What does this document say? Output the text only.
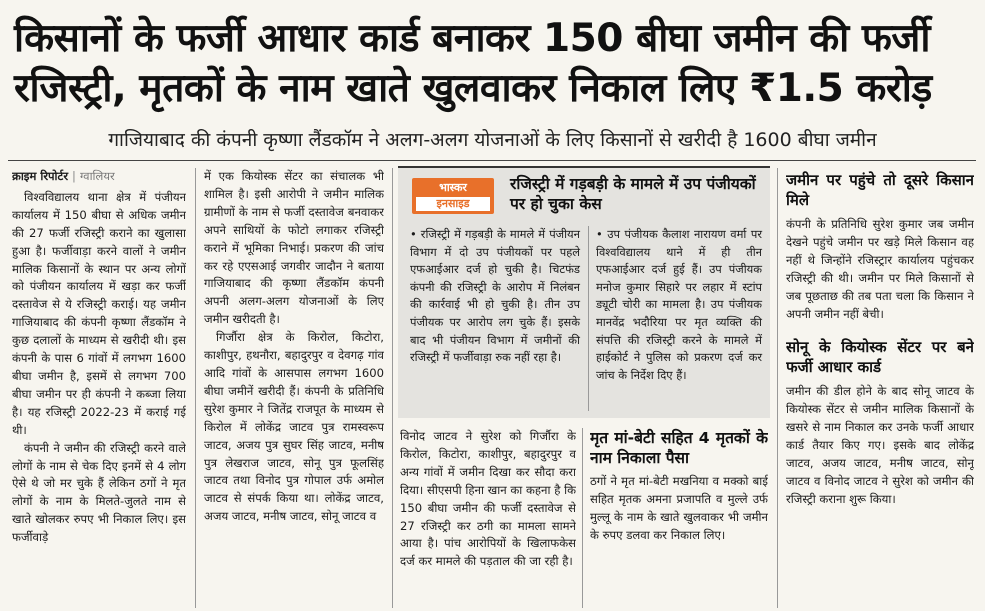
किसानों के फर्जी आधार कार्ड बनाकर 150 बीघा जमीन की फर्जी
रजिस्ट्री, मृतकों के नाम खाते खुलवाकर निकाल लिए ₹1.5 करोड़
गाजियाबाद की कंपनी कृष्णा लैंडकॉम ने अलग-अलग योजनाओं के लिए किसानों से खरीदी है 1600 बीघा जमीन
क्राइम रिपोर्टर | ग्वालियर

विश्वविद्यालय थाना क्षेत्र में पंजीयन कार्यालय में 150 बीघा से अधिक जमीन की 27 फर्जी रजिस्ट्री कराने का खुलासा हुआ है। फर्जीवाड़ा करने वालों ने जमीन मालिक किसानों के स्थान पर अन्य लोगों को पंजीयन कार्यालय में खड़ा कर फर्जी दस्तावेज से ये रजिस्ट्री कराई। यह जमीन गाजियाबाद की कंपनी कृष्णा लैंडकॉम ने कुछ दलालों के माध्यम से खरीदी थी। इस कंपनी के पास 6 गांवों में लगभग 1600 बीघा जमीन है, इसमें से लगभग 700 बीघा जमीन पर ही कंपनी ने कब्जा लिया है। यह रजिस्ट्री 2022-23 में कराई गई थी।

कंपनी ने जमीन की रजिस्ट्री करने वाले लोगों के नाम से चेक दिए इनमें से 4 लोग ऐसे थे जो मर चुके हैं लेकिन ठगों ने मृत लोगों के नाम के मिलते-जुलते नाम से खाते खोलकर रुपए भी निकाल लिए। इस फर्जीवाड़े

में एक कियोस्क सेंटर का संचालक भी शामिल है। इसी आरोपी ने जमीन मालिक ग्रामीणों के नाम से फर्जी दस्तावेज बनवाकर अपने साथियों के फोटो लगाकर रजिस्ट्री कराने में भूमिका निभाई। प्रकरण की जांच कर रहे एएसआई जगवीर जादौन ने बताया गाजियाबाद की कृष्णा लैंडकॉम कंपनी अपनी अलग-अलग योजनाओं के लिए जमीन खरीदती है।

गिर्जौरा क्षेत्र के किरोल, किटोरा, काशीपुर, हथनौरा, बहादुरपुर व देवगढ़ गांव आदि गांवों के आसपास लगभग 1600 बीघा जमीनें खरीदी हैं। कंपनी के प्रतिनिधि सुरेश कुमार ने जितेंद्र राजपूत के माध्यम से किरोल में लोकेंद्र जाटव पुत्र रामस्वरूप जाटव, अजय पुत्र सुघर सिंह जाटव, मनीष पुत्र लेखराज जाटव, सोनू पुत्र फूलसिंह जाटव तथा विनोद पुत्र गोपाल उर्फ अमोल जाटव से संपर्क किया था। लोकेंद्र जाटव, अजय जाटव, मनीष जाटव, सोनू जाटव व

भास्कर
इनसाइड
रजिस्ट्री में गड़बड़ी के मामले में उप पंजीयकों पर हो चुका केस
• रजिस्ट्री में गड़बड़ी के मामले में पंजीयन विभाग में दो उप पंजीयकों पर पहले एफआईआर दर्ज हो चुकी है। चिटफंड कंपनी की रजिस्ट्री के आरोप में निलंबन की कार्रवाई भी हो चुकी है। तीन उप पंजीयक पर आरोप लग चुके हैं। इसके बाद भी पंजीयन विभाग में जमीनों की रजिस्ट्री में फर्जीवाड़ा रुक नहीं रहा है।
• उप पंजीयक कैलाश नारायण वर्मा पर विश्वविद्यालय थाने में ही तीन एफआईआर दर्ज हुई हैं। उप पंजीयक मनोज कुमार सिहारे पर लहार में स्टांप ड्यूटी चोरी का मामला है। उप पंजीयक मानवेंद्र भदौरिया पर मृत व्यक्ति की संपत्ति की रजिस्ट्री करने के मामले में हाईकोर्ट ने पुलिस को प्रकरण दर्ज कर जांच के निर्देश दिए हैं।
विनोद जाटव ने सुरेश को गिर्जौरा के किरोल, किटोरा, काशीपुर, बहादुरपुर व अन्य गांवों में जमीन दिखा कर सौदा करा दिया। सीएसपी हिना खान का कहना है कि 150 बीघा जमीन की फर्जी दस्तावेज से 27 रजिस्ट्री कर ठगी का मामला सामने आया है। पांच आरोपियों के खिलाफकेस दर्ज कर मामले की पड़ताल की जा रही है।
मृत मां-बेटी सहित 4 मृतकों के नाम निकाला पैसा
ठगों ने मृत मां-बेटी मखनिया व मक्को बाई सहित मृतक अमना प्रजापति व मुल्ले उर्फ मुल्लू के नाम के खाते खुलवाकर भी जमीन के रुपए डलवा कर निकाल लिए।
जमीन पर पहुंचे तो दूसरे किसान मिले
कंपनी के प्रतिनिधि सुरेश कुमार जब जमीन देखने पहुंचे जमीन पर खड़े मिले किसान वह नहीं थे जिन्होंने रजिस्ट्रार कार्यालय पहुंचकर रजिस्ट्री की थी। जमीन पर मिले किसानों से जब पूछताछ की तब पता चला कि किसान ने अपनी जमीन नहीं बेची।
सोनू के कियोस्क सेंटर पर बने फर्जी आधार कार्ड
जमीन की डील होने के बाद सोनू जाटव के कियोस्क सेंटर से जमीन मालिक किसानों के खसरे से नाम निकाल कर उनके फर्जी आधार कार्ड तैयार किए गए। इसके बाद लोकेंद्र जाटव, अजय जाटव, मनीष जाटव, सोनू जाटव व विनोद जाटव ने सुरेश को जमीन की रजिस्ट्री कराना शुरू किया।
